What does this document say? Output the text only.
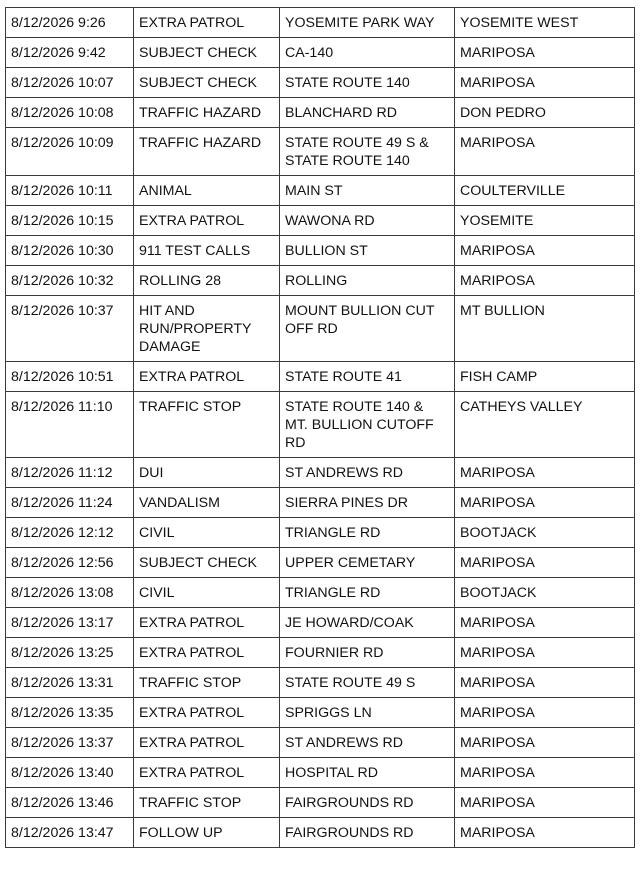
8/12/2026 9:26	EXTRA PATROL	YOSEMITE PARK WAY	YOSEMITE WEST
8/12/2026 9:42	SUBJECT CHECK	CA-140	MARIPOSA
8/12/2026 10:07	SUBJECT CHECK	STATE ROUTE 140	MARIPOSA
8/12/2026 10:08	TRAFFIC HAZARD	BLANCHARD RD	DON PEDRO
8/12/2026 10:09	TRAFFIC HAZARD	STATE ROUTE 49 S &
STATE ROUTE 140	MARIPOSA
8/12/2026 10:11	ANIMAL	MAIN ST	COULTERVILLE
8/12/2026 10:15	EXTRA PATROL	WAWONA RD	YOSEMITE
8/12/2026 10:30	911 TEST CALLS	BULLION ST	MARIPOSA
8/12/2026 10:32	ROLLING 28	ROLLING	MARIPOSA
8/12/2026 10:37	HIT AND
RUN/PROPERTY
DAMAGE	MOUNT BULLION CUT
OFF RD	MT BULLION
8/12/2026 10:51	EXTRA PATROL	STATE ROUTE 41	FISH CAMP
8/12/2026 11:10	TRAFFIC STOP	STATE ROUTE 140 &
MT. BULLION CUTOFF
RD	CATHEYS VALLEY
8/12/2026 11:12	DUI	ST ANDREWS RD	MARIPOSA
8/12/2026 11:24	VANDALISM	SIERRA PINES DR	MARIPOSA
8/12/2026 12:12	CIVIL	TRIANGLE RD	BOOTJACK
8/12/2026 12:56	SUBJECT CHECK	UPPER CEMETARY	MARIPOSA
8/12/2026 13:08	CIVIL	TRIANGLE RD	BOOTJACK
8/12/2026 13:17	EXTRA PATROL	JE HOWARD/COAK	MARIPOSA
8/12/2026 13:25	EXTRA PATROL	FOURNIER RD	MARIPOSA
8/12/2026 13:31	TRAFFIC STOP	STATE ROUTE 49 S	MARIPOSA
8/12/2026 13:35	EXTRA PATROL	SPRIGGS LN	MARIPOSA
8/12/2026 13:37	EXTRA PATROL	ST ANDREWS RD	MARIPOSA
8/12/2026 13:40	EXTRA PATROL	HOSPITAL RD	MARIPOSA
8/12/2026 13:46	TRAFFIC STOP	FAIRGROUNDS RD	MARIPOSA
8/12/2026 13:47	FOLLOW UP	FAIRGROUNDS RD	MARIPOSA
